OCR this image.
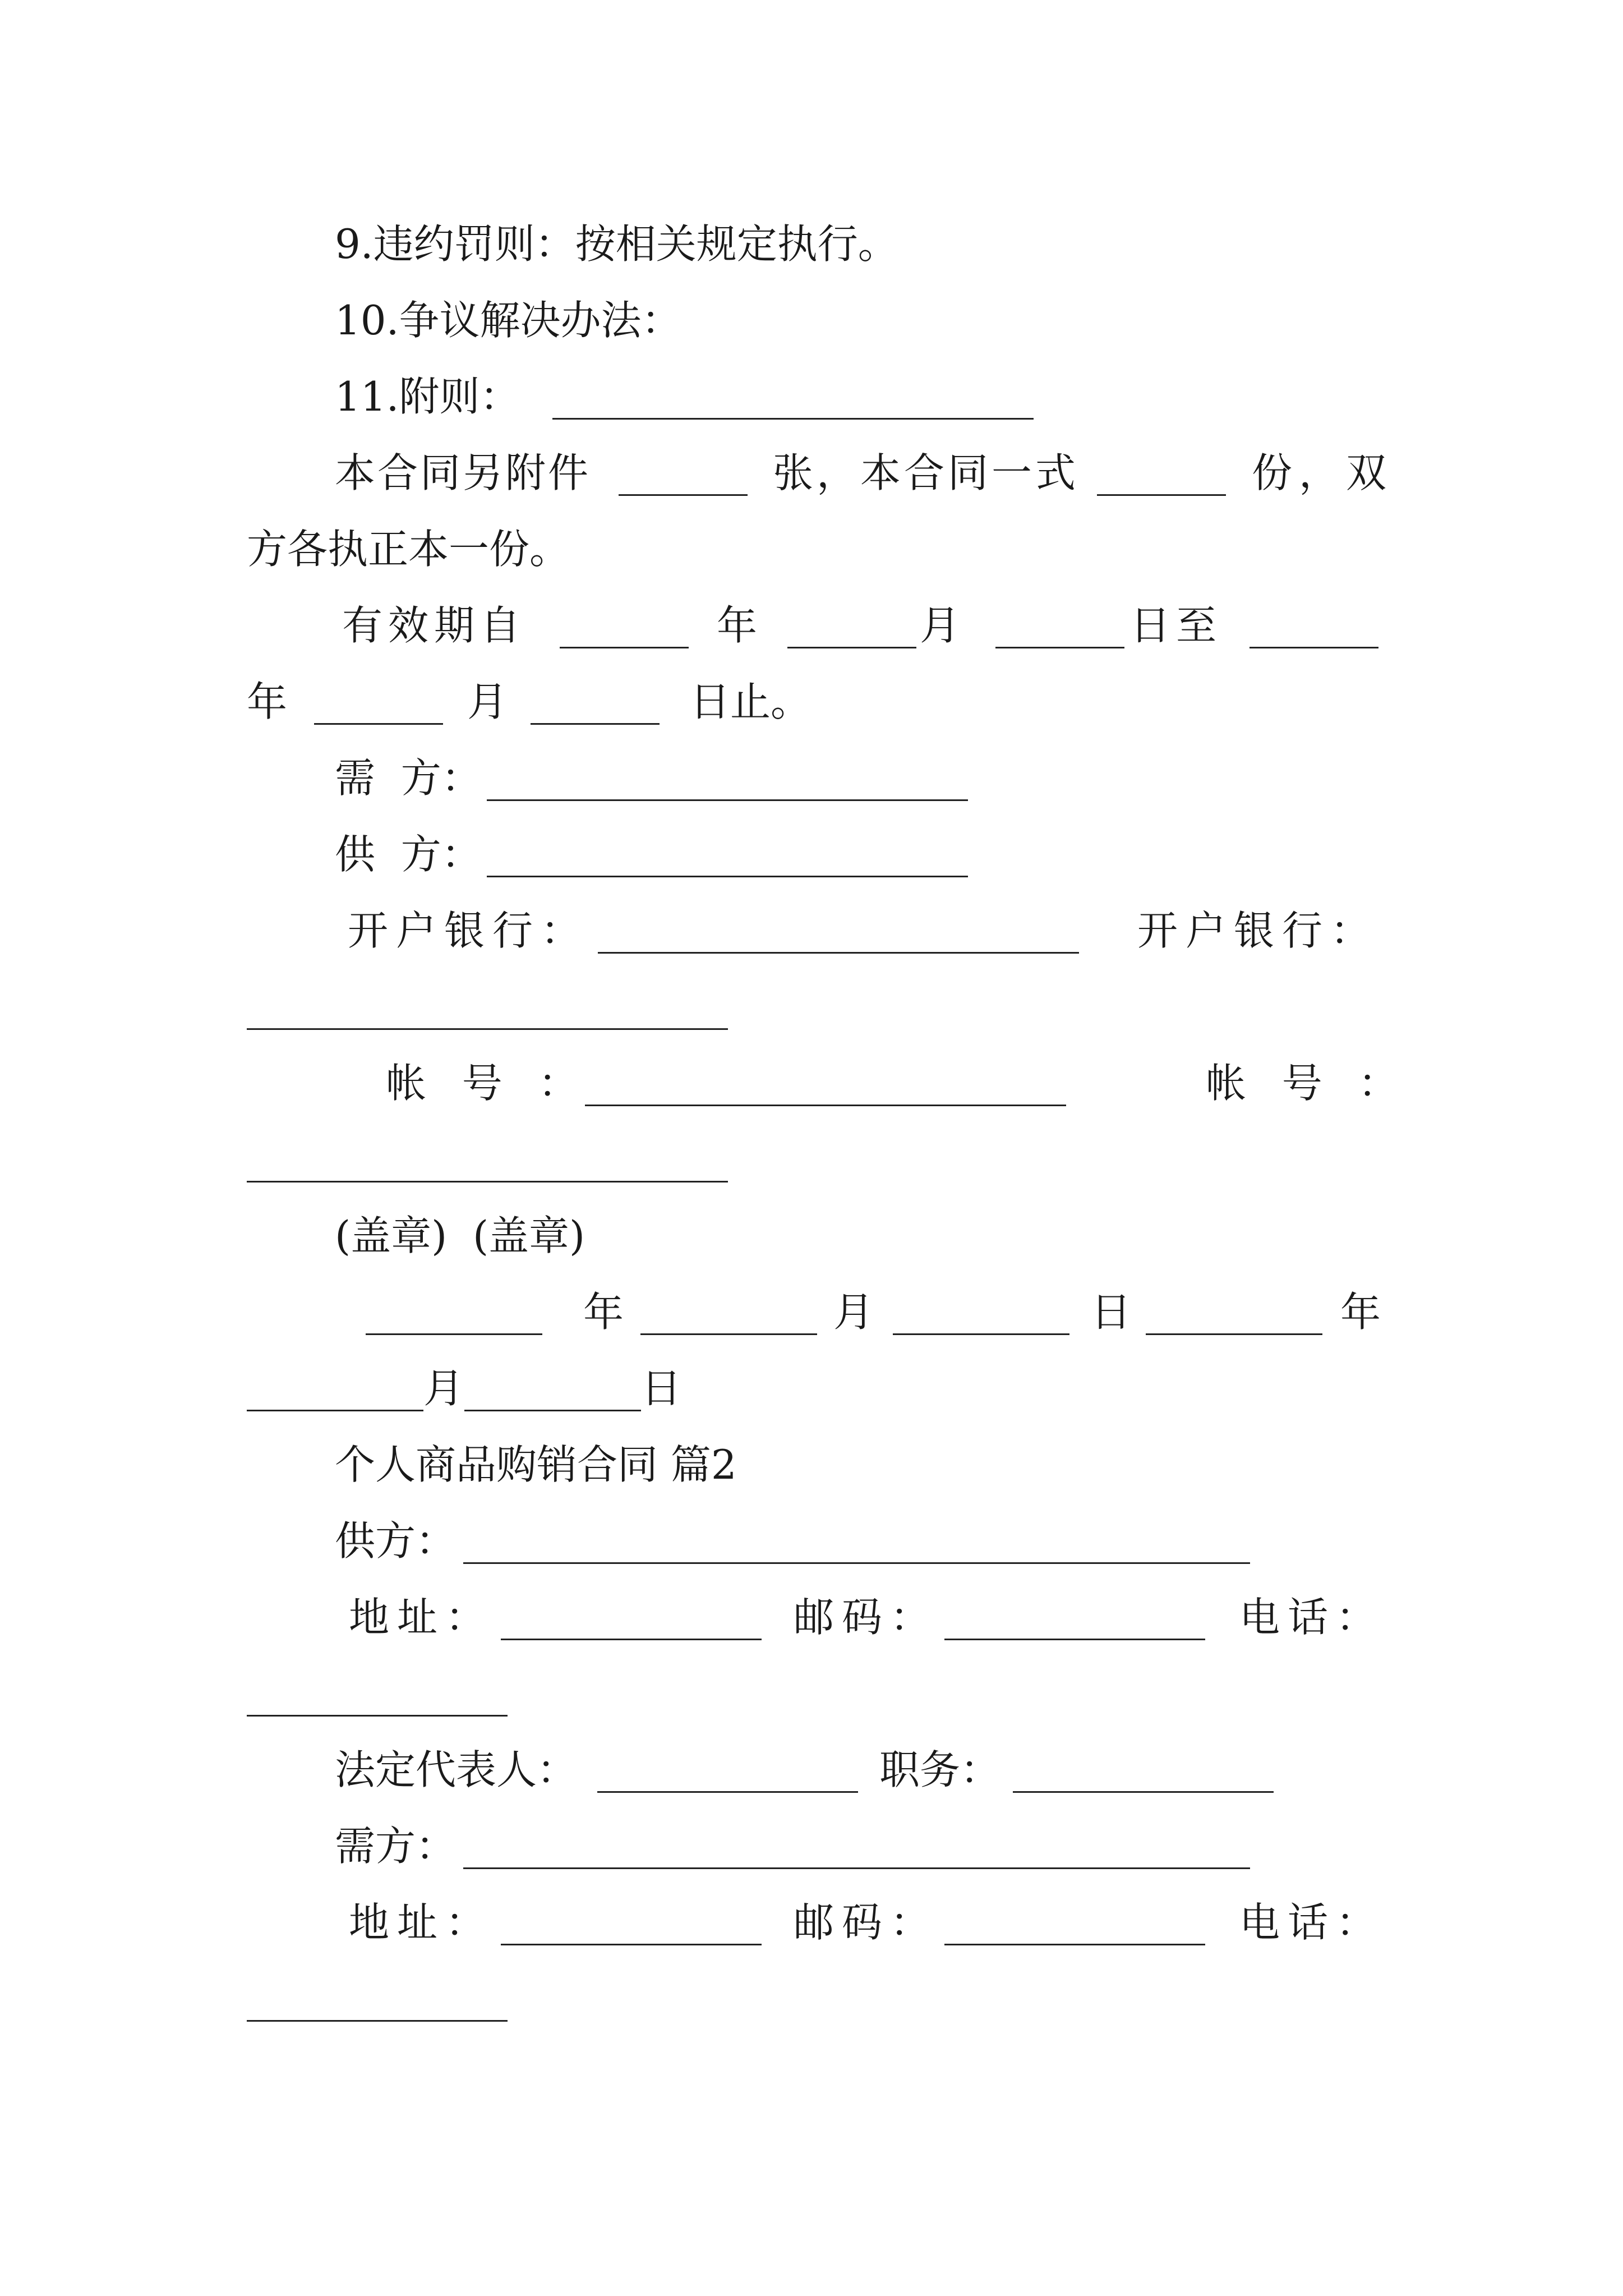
9.违约罚则：按相关规定执行。
10.争议解决办法：
11.附则：
本合同另附件	张，本合同一式	份，双
方各执正本一份。
有效期自	年	月	日至
年	月	日止。
需  方：
供  方：
开户银行：	开户银行：
帐  号  ：	帐  号  ：
(盖章)  (盖章)
年	月	日	年
月	日
个人商品购销合同 篇2
供方：
地址：	邮码：	电话：
法定代表人：	职务：
需方：
地址：	邮码：	电话：
